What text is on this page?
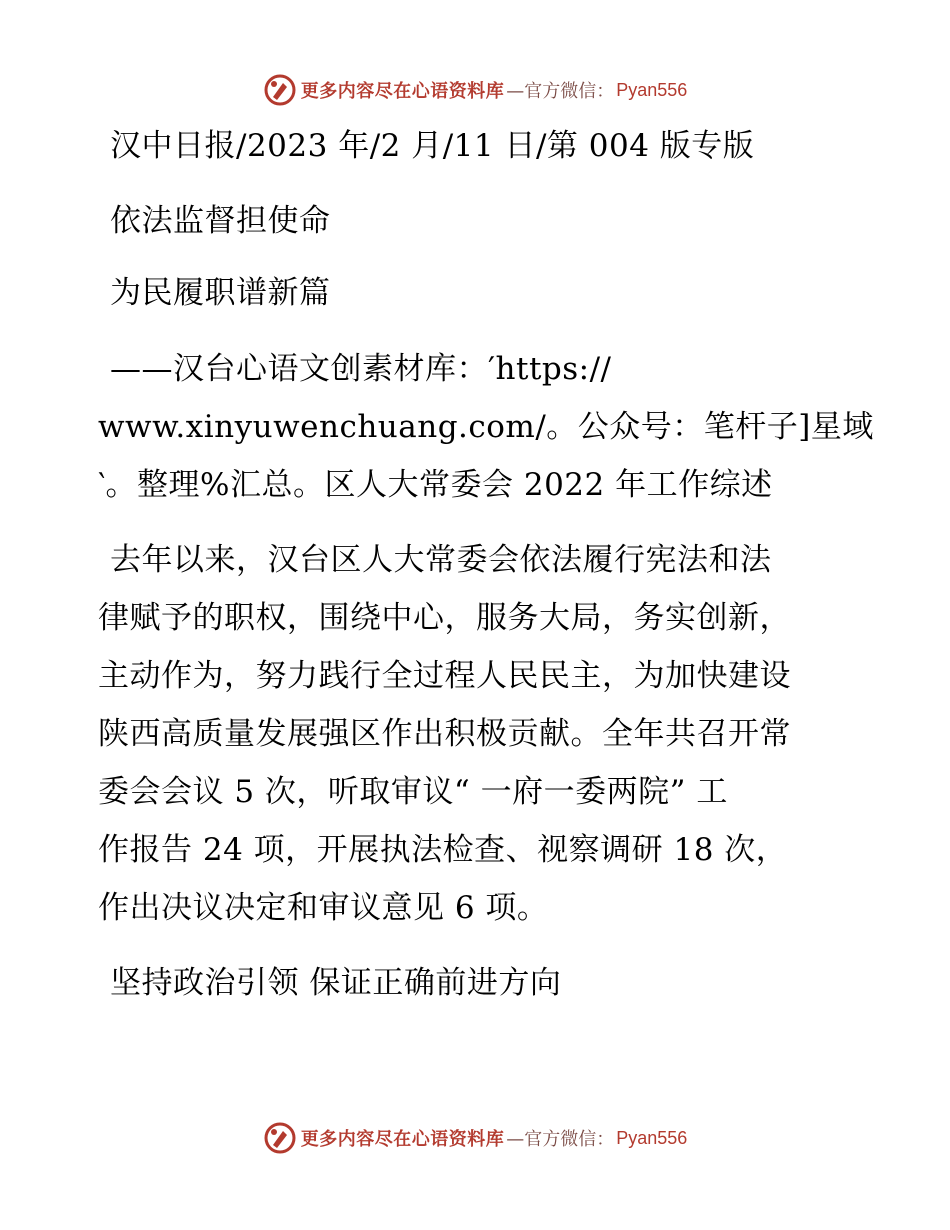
更多内容尽在心语资料库 —官方微信： Pyan556
汉中日报/2023 年/2 月/11 日/第 004 版专版
依法监督担使命
为民履职谱新篇
——汉台心语文创素材库：′https://
www.xinyuwenchuang.com/。公众号：笔杆子]星域
‵。整理%汇总。区人大常委会 2022 年工作综述
去年以来，汉台区人大常委会依法履行宪法和法
律赋予的职权，围绕中心，服务大局，务实创新，
主动作为，努力践行全过程人民民主，为加快建设
陕西高质量发展强区作出积极贡献。全年共召开常
委会会议 5 次，听取审议“ 一府一委两院” 工
作报告 24 项，开展执法检查、视察调研 18 次，
作出决议决定和审议意见 6 项。
坚持政治引领 保证正确前进方向
更多内容尽在心语资料库 —官方微信： Pyan556
